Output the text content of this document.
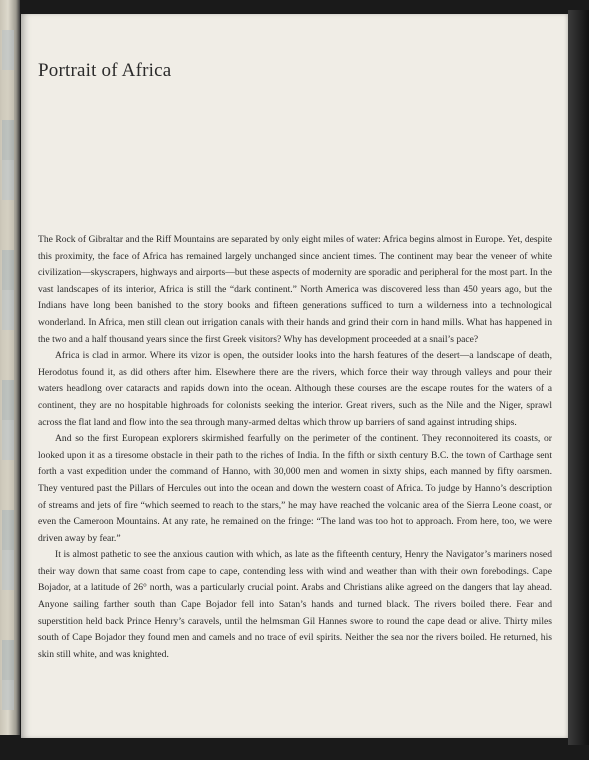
Portrait of Africa

The Rock of Gibraltar and the Riff Mountains are separated by only eight miles of water: Africa begins almost in Europe. Yet, despite this proximity, the face of Africa has remained largely unchanged since ancient times. The continent may bear the veneer of white civilization—skyscrapers, highways and airports—but these aspects of modernity are sporadic and peripheral for the most part. In the vast landscapes of its interior, Africa is still the “dark continent.” North America was discovered less than 450 years ago, but the Indians have long been banished to the story books and fifteen generations sufficed to turn a wilderness into a technological wonderland. In Africa, men still clean out irrigation canals with their hands and grind their corn in hand mills. What has happened in the two and a half thousand years since the first Greek visitors? Why has development proceeded at a snail’s pace?

Africa is clad in armor. Where its vizor is open, the outsider looks into the harsh features of the desert—a landscape of death, Herodotus found it, as did others after him. Elsewhere there are the rivers, which force their way through valleys and pour their waters headlong over cataracts and rapids down into the ocean. Although these courses are the escape routes for the waters of a continent, they are no hospitable highroads for colonists seeking the interior. Great rivers, such as the Nile and the Niger, sprawl across the flat land and flow into the sea through many-armed deltas which throw up barriers of sand against intruding ships.

And so the first European explorers skirmished fearfully on the perimeter of the continent. They reconnoitered its coasts, or looked upon it as a tiresome obstacle in their path to the riches of India. In the fifth or sixth century B.C. the town of Carthage sent forth a vast expedition under the command of Hanno, with 30,000 men and women in sixty ships, each manned by fifty oarsmen. They ventured past the Pillars of Hercules out into the ocean and down the western coast of Africa. To judge by Hanno’s description of streams and jets of fire “which seemed to reach to the stars,” he may have reached the volcanic area of the Sierra Leone coast, or even the Cameroon Mountains. At any rate, he remained on the fringe: “The land was too hot to approach. From here, too, we were driven away by fear.”

It is almost pathetic to see the anxious caution with which, as late as the fifteenth century, Henry the Navigator’s mariners nosed their way down that same coast from cape to cape, contending less with wind and weather than with their own forebodings. Cape Bojador, at a latitude of 26° north, was a particularly crucial point. Arabs and Christians alike agreed on the dangers that lay ahead. Anyone sailing farther south than Cape Bojador fell into Satan’s hands and turned black. The rivers boiled there. Fear and superstition held back Prince Henry’s caravels, until the helmsman Gil Hannes swore to round the cape dead or alive. Thirty miles south of Cape Bojador they found men and camels and no trace of evil spirits. Neither the sea nor the rivers boiled. He returned, his skin still white, and was knighted.
